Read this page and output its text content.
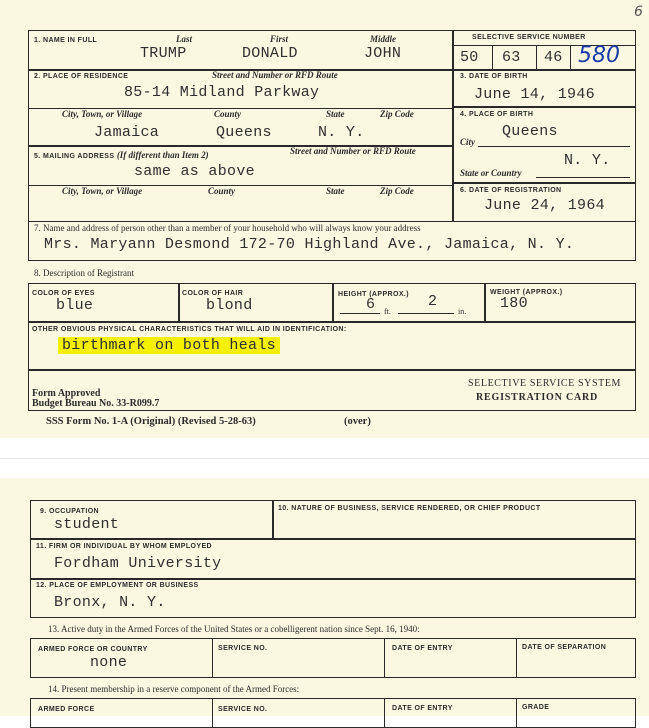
6
1. NAME IN FULL	Last	First	Middle
TRUMP	DONALD	JOHN
SELECTIVE SERVICE NUMBER
50 63 46 580
2. PLACE OF RESIDENCE	Street and Number or RFD Route
85-14 Midland Parkway
City, Town, or Village	County	State	Zip Code
Jamaica	Queens	N. Y.
3. DATE OF BIRTH
June 14, 1946
4. PLACE OF BIRTH
City
Queens
N. Y.
State or Country
5. MAILING ADDRESS (If different than Item 2)	Street and Number or RFD Route
same as above
City, Town, or Village	County	State	Zip Code	6. DATE OF REGISTRATION
June 24, 1964
7. Name and address of person other than a member of your household who will always know your address
Mrs. Maryann Desmond 172-70 Highland Ave., Jamaica, N. Y.
8. Description of Registrant
COLOR OF EYES
blue
COLOR OF HAIR
blond
HEIGHT (APPROX.)
6	2
ft.	in.
WEIGHT (APPROX.)
180
OTHER OBVIOUS PHYSICAL CHARACTERISTICS THAT WILL AID IN IDENTIFICATION:
birthmark on both heals
Form Approved
Budget Bureau No. 33-R099.7
SELECTIVE SERVICE SYSTEM
REGISTRATION CARD
SSS Form No. 1-A (Original) (Revised 5-28-63)	(over)
9. OCCUPATION
student
10. NATURE OF BUSINESS, SERVICE RENDERED, OR CHIEF PRODUCT
11. FIRM OR INDIVIDUAL BY WHOM EMPLOYED
Fordham University
12. PLACE OF EMPLOYMENT OR BUSINESS
Bronx, N. Y.
13. Active duty in the Armed Forces of the United States or a cobelligerent nation since Sept. 16, 1940:
ARMED FORCE OR COUNTRY	SERVICE NO.	DATE OF ENTRY	DATE OF SEPARATION
none
14. Present membership in a reserve component of the Armed Forces:
ARMED FORCE	SERVICE NO.	DATE OF ENTRY	GRADE
